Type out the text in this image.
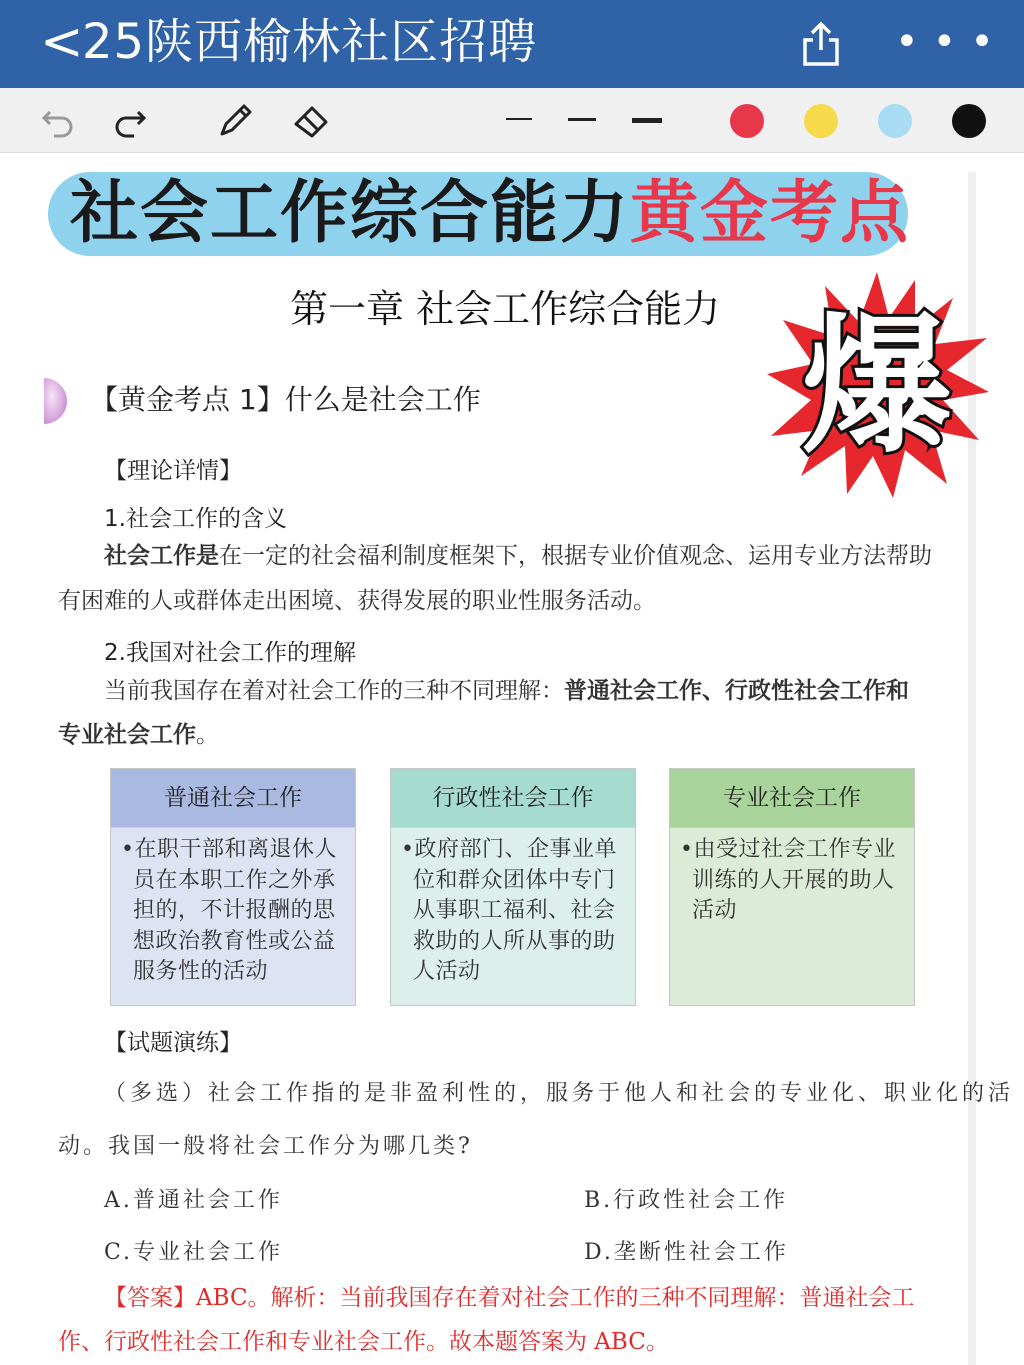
<
25陕西榆林社区招聘	•••
社会工作综合能力黄金考点
第一章 社会工作综合能力 爆
【黄金考点 1】什么是社会工作
【理论详情】
1.社会工作的含义
社会工作是在一定的社会福利制度框架下，根据专业价值观念、运用专业方法帮助
有困难的人或群体走出困境、获得发展的职业性服务活动。
2.我国对社会工作的理解
当前我国存在着对社会工作的三种不同理解：普通社会工作、行政性社会工作和
专业社会工作。
普通社会工作
•在职干部和离退休人
员在本职工作之外承
担的，不计报酬的思
想政治教育性或公益
服务性的活动
行政性社会工作
•政府部门、企事业单
位和群众团体中专门
从事职工福利、社会
救助的人所从事的助
人活动
专业社会工作
•由受过社会工作专业
训练的人开展的助人
活动
【试题演练】
（多选）社会工作指的是非盈利性的，服务于他人和社会的专业化、职业化的活
动。我国一般将社会工作分为哪几类?
A.普通社会工作	B.行政性社会工作
C.专业社会工作	D.垄断性社会工作
【答案】ABC。解析：当前我国存在着对社会工作的三种不同理解：普通社会工
作、行政性社会工作和专业社会工作。故本题答案为 ABC。
